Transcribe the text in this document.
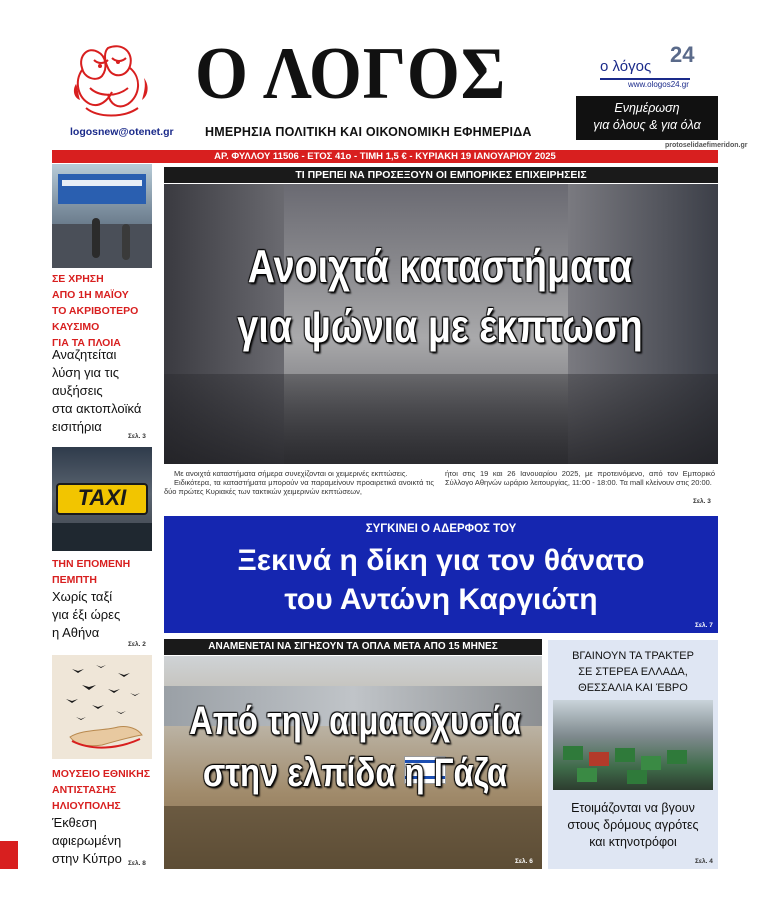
logosnew@otenet.gr
Ο ΛΟΓΟΣ
ΗΜΕΡΗΣΙΑ ΠΟΛΙΤΙΚΗ ΚΑΙ ΟΙΚΟΝΟΜΙΚΗ ΕΦΗΜΕΡΙΔΑ
ο λόγος 24
www.ologos24.gr
Ενημέρωση
για όλους & για όλα
protoselidaefimeridon.gr
ΑΡ. ΦΥΛΛΟΥ 11506 - ΕΤΟΣ 41ο - ΤΙΜΗ 1,5 € - ΚΥΡΙΑΚΗ 19 ΙΑΝΟΥΑΡΙΟΥ 2025
ΣΕ ΧΡΗΣΗ
ΑΠΟ 1Η ΜΑΪΟΥ
ΤΟ ΑΚΡΙΒΟΤΕΡΟ
ΚΑΥΣΙΜΟ
ΓΙΑ ΤΑ ΠΛΟΙΑ
Αναζητείται
λύση για τις
αυξήσεις
στα ακτοπλοϊκά
εισιτήρια
Σελ. 3
TAXI
ΤΗΝ ΕΠΟΜΕΝΗ
ΠΕΜΠΤΗ
Χωρίς ταξί
για έξι ώρες
η Αθήνα
Σελ. 2
ΜΟΥΣΕΙΟ ΕΘΝΙΚΗΣ
ΑΝΤΙΣΤΑΣΗΣ
ΗΛΙΟΥΠΟΛΗΣ
Έκθεση
αφιερωμένη
στην Κύπρο Σελ. 8
ΤΙ ΠΡΕΠΕΙ ΝΑ ΠΡΟΣΕΞΟΥΝ ΟΙ ΕΜΠΟΡΙΚΕΣ ΕΠΙΧΕΙΡΗΣΕΙΣ
Ανοιχτά καταστήματα
για ψώνια με έκπτωση
Με ανοιχτά καταστήματα σήμερα συνεχίζονται οι χειμερινές εκπτώσεις.
Ειδικότερα, τα καταστήματα μπορούν να παραμείνουν προαιρετικά ανοικτά τις δύο πρώτες Κυριακές των τακτικών χειμερινών εκπτώσεων,
ήτοι στις 19 και 26 Ιανουαρίου 2025, με προτεινόμενο, από τον Εμπορικό Σύλλογο Αθηνών ωράριο λειτουργίας, 11:00 - 18:00. Τα mall κλείνουν στις 20:00.
Σελ. 3
ΣΥΓΚΙΝΕΙ Ο ΑΔΕΡΦΟΣ ΤΟΥ
Ξεκινά η δίκη για τον θάνατο
του Αντώνη Καργιώτη
Σελ. 7
ΑΝΑΜΕΝΕΤΑΙ ΝΑ ΣΙΓΗΣΟΥΝ ΤΑ ΟΠΛΑ ΜΕΤΑ ΑΠΟ 15 ΜΗΝΕΣ
Από την αιματοχυσία
στην ελπίδα η Γάζα
Σελ. 6
ΒΓΑΙΝΟΥΝ ΤΑ ΤΡΑΚΤΕΡ
ΣΕ ΣΤΕΡΕΑ ΕΛΛΑΔΑ,
ΘΕΣΣΑΛΙΑ ΚΑΙ ΈΒΡΟ
Ετοιμάζονται να βγουν
στους δρόμους αγρότες
και κτηνοτρόφοι
Σελ. 4
